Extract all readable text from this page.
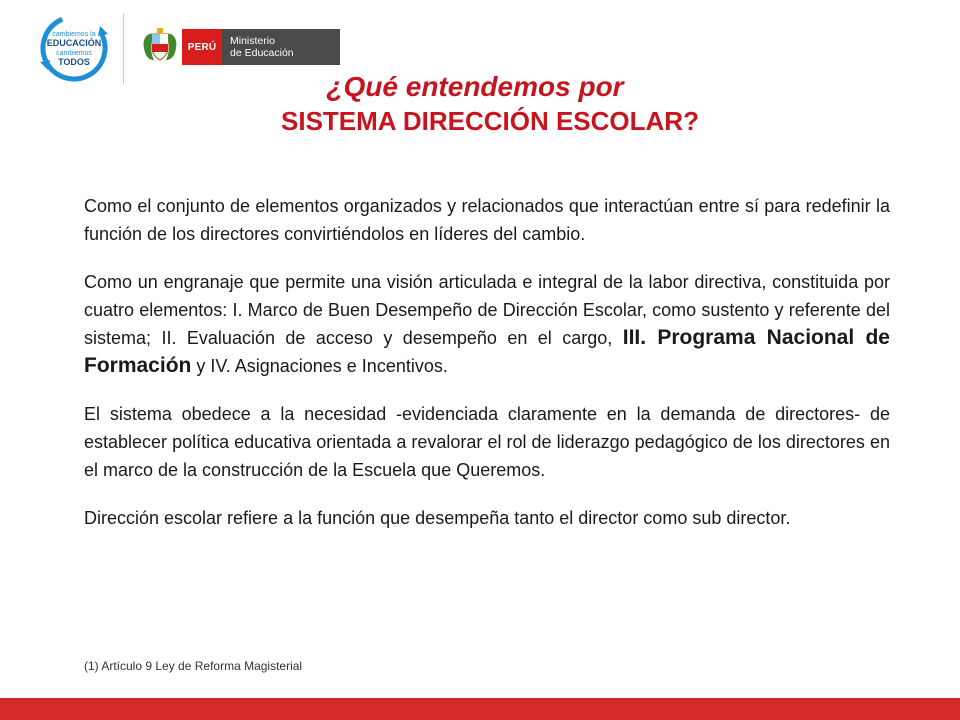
cambiemos la
EDUCACIÓN
cambiemos
TODOS
PERÚ	Ministerio
de Educación
¿Qué entendemos por
SISTEMA DIRECCIÓN ESCOLAR?

Como el conjunto de elementos organizados y relacionados que interactúan entre sí para redefinir la función de los directores convirtiéndolos en líderes del cambio.

Como un engranaje que permite una visión articulada e integral de la labor directiva, constituida por cuatro elementos: I. Marco de Buen Desempeño de Dirección Escolar, como sustento y referente del sistema; II. Evaluación de acceso y desempeño en el cargo, III. Programa Nacional de Formación y IV. Asignaciones e Incentivos.

El sistema obedece a la necesidad -evidenciada claramente en la demanda de directores- de establecer política educativa orientada a revalorar el rol de liderazgo pedagógico de los directores en el marco de la construcción de la Escuela que Queremos.

Dirección escolar refiere a la función que desempeña tanto el director como sub director.

(1) Artículo 9 Ley de Reforma Magisterial
